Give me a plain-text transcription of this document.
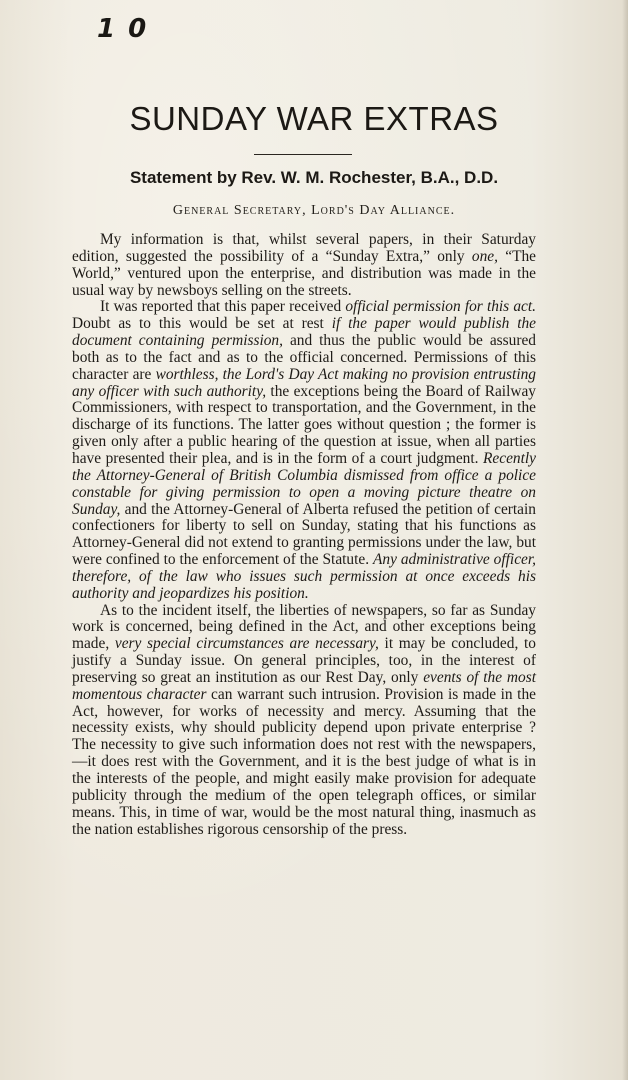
1 0
SUNDAY WAR EXTRAS
Statement by Rev. W. M. Rochester, B.A., D.D.
General Secretary, Lord's Day Alliance.

My information is that, whilst several papers, in their Saturday edition, suggested the possibility of a “Sunday Extra,” only one, “The World,” ventured upon the enterprise, and distribution was made in the usual way by newsboys selling on the streets.

It was reported that this paper received official permission for this act. Doubt as to this would be set at rest if the paper would publish the document containing permission, and thus the public would be assured both as to the fact and as to the official concerned. Permissions of this character are worthless, the Lord's Day Act making no provision entrusting any officer with such authority, the exceptions being the Board of Railway Commissioners, with respect to transportation, and the Government, in the discharge of its functions. The latter goes without question ; the former is given only after a public hearing of the question at issue, when all parties have presented their plea, and is in the form of a court judgment. Recently the Attorney-General of British Columbia dismissed from office a police constable for giving permission to open a moving picture theatre on Sunday, and the Attorney-General of Alberta refused the petition of certain confectioners for liberty to sell on Sunday, stating that his functions as Attorney-General did not extend to granting permissions under the law, but were confined to the enforcement of the Statute. Any administrative officer, therefore, of the law who issues such permission at once exceeds his authority and jeopardizes his position.

As to the incident itself, the liberties of newspapers, so far as Sunday work is concerned, being defined in the Act, and other exceptions being made, very special circumstances are necessary, it may be concluded, to justify a Sunday issue. On general principles, too, in the interest of preserving so great an institution as our Rest Day, only events of the most momentous character can warrant such intrusion. Provision is made in the Act, however, for works of necessity and mercy. Assuming that the necessity exists, why should publicity depend upon private enterprise ? The necessity to give such information does not rest with the newspapers,—it does rest with the Government, and it is the best judge of what is in the interests of the people, and might easily make provision for adequate publicity through the medium of the open telegraph offices, or similar means. This, in time of war, would be the most natural thing, inasmuch as the nation establishes rigorous censorship of the press.
